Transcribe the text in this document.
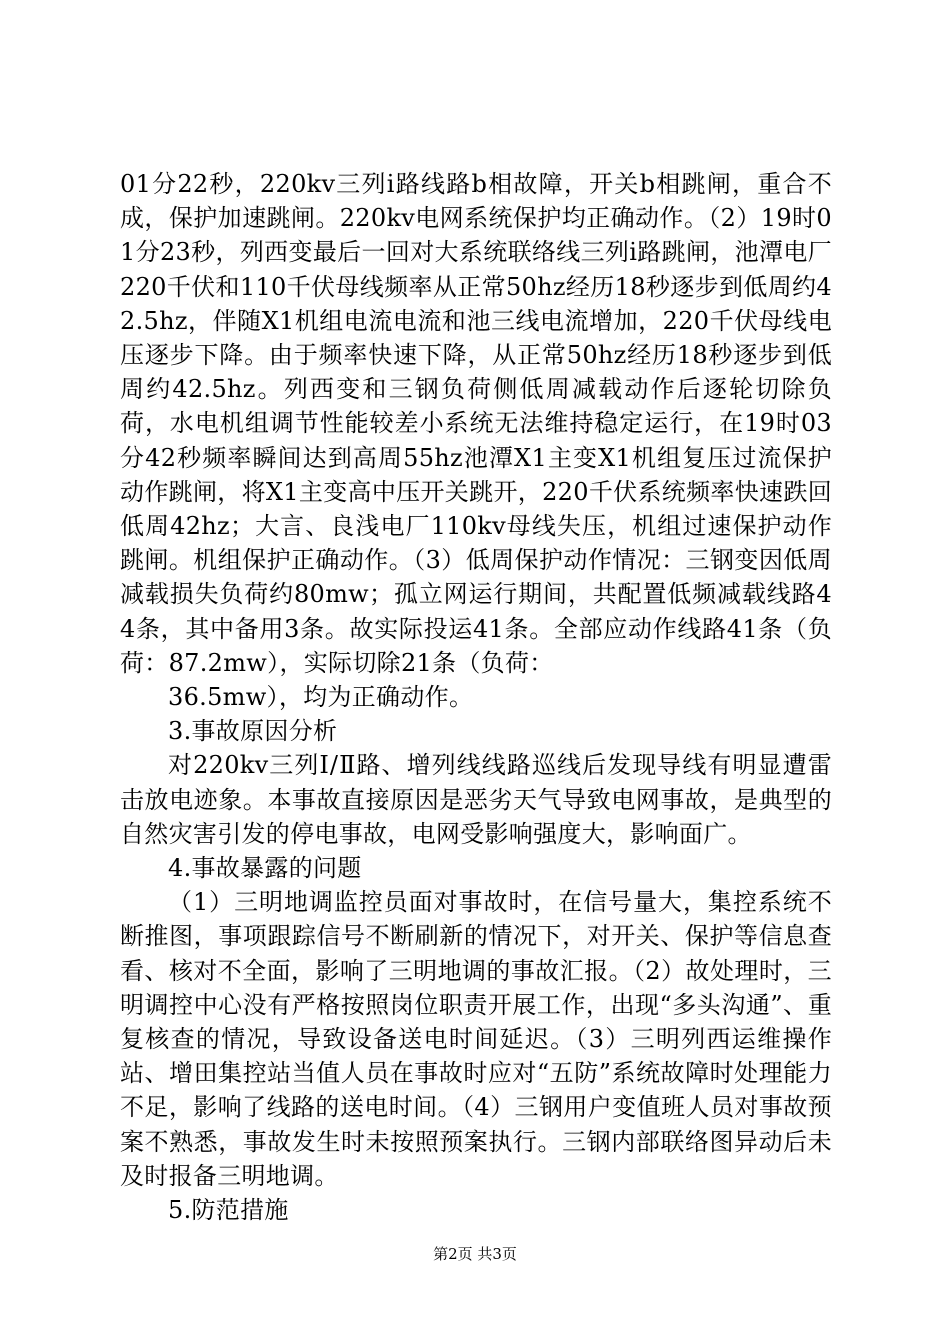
01分22秒，220kv三列ⅰ路线路b相故障，开关b相跳闸，重合不成，保护加速跳闸。220kv电网系统保护均正确动作。（2）19时01分23秒，列西变最后一回对大系统联络线三列ⅰ路跳闸，池潭电厂220千伏和110千伏母线频率从正常50hz经历18秒逐步到低周约42.5hz，伴随X1机组电流电流和池三线电流增加，220千伏母线电压逐步下降。由于频率快速下降，从正常50hz经历18秒逐步到低周约42.5hz。列西变和三钢负荷侧低周减载动作后逐轮切除负荷，水电机组调节性能较差小系统无法维持稳定运行，在19时03分42秒频率瞬间达到高周55hz池潭X1主变X1机组复压过流保护动作跳闸，将X1主变高中压开关跳开，220千伏系统频率快速跌回低周42hz；大言、良浅电厂110kv母线失压，机组过速保护动作跳闸。机组保护正确动作。（3）低周保护动作情况：三钢变因低周减载损失负荷约80mw；孤立网运行期间，共配置低频减载线路44条，其中备用3条。故实际投运41条。全部应动作线路41条（负荷：87.2mw），实际切除21条（负荷：

36.5mw），均为正确动作。

3.事故原因分析

对220kv三列Ⅰ/Ⅱ路、增列线线路巡线后发现导线有明显遭雷击放电迹象。本事故直接原因是恶劣天气导致电网事故，是典型的自然灾害引发的停电事故，电网受影响强度大，影响面广。

4.事故暴露的问题

（1）三明地调监控员面对事故时，在信号量大，集控系统不断推图，事项跟踪信号不断刷新的情况下，对开关、保护等信息查看、核对不全面，影响了三明地调的事故汇报。（2）故处理时，三明调控中心没有严格按照岗位职责开展工作，出现“多头沟通”、重复核查的情况，导致设备送电时间延迟。（3）三明列西运维操作站、增田集控站当值人员在事故时应对“五防”系统故障时处理能力不足，影响了线路的送电时间。（4）三钢用户变值班人员对事故预案不熟悉，事故发生时未按照预案执行。三钢内部联络图异动后未及时报备三明地调。

5.防范措施

第2页 共3页
